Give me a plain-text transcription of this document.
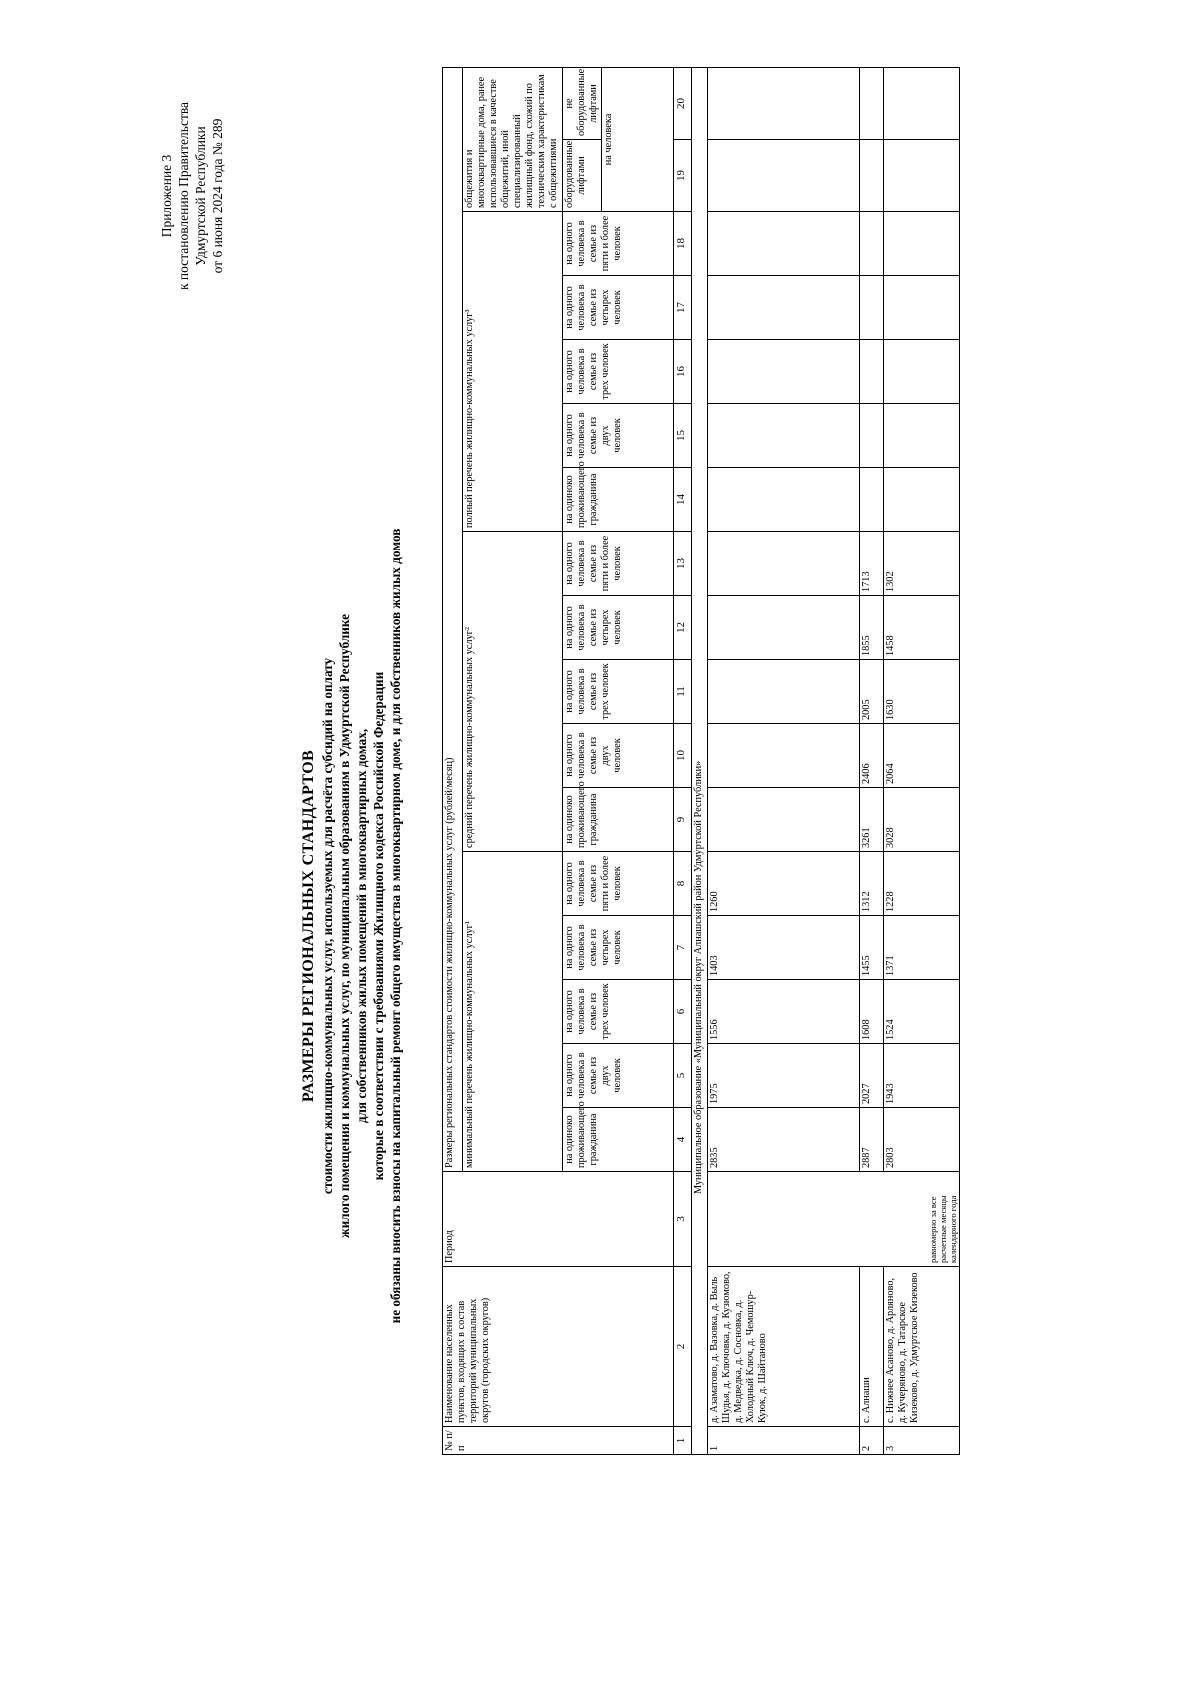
Приложение 3 к постановлению Правительства Удмуртской Республики от 6 июня 2024 года № 289
РАЗМЕРЫ РЕГИОНАЛЬНЫХ СТАНДАРТОВ стоимости жилищно-коммунальных услуг, используемых для расчёта субсидий на оплату жилого помещения и коммунальных услуг, по муниципальным образованиям в Удмуртской Республике для собственников жилых помещений в многоквартирных домах, которые в соответствии с требованиями Жилищного кодекса Российской Федерации не обязаны вносить взносы на капитальный ремонт общего имущества в многоквартирном доме, и для собственников жилых домов
№ п/п	Наименование населенных пунктов, входящих в состав территорий муниципальных округов (городских округов)	Период	Размеры региональных стандартов стоимости жилищно-коммунальных услуг (рублей/месяц)																
			минимальный перечень жилищно-коммунальных услуг¹					средний перечень жилищно-коммунальных услуг²					полный перечень жилищно-коммунальных услуг³					общежития и многоквартирные дома, ранее использовавшиеся в качестве общежитий, иной специализированный жилищный фонд, схожий по техническим характеристикам с общежитиями	
			на одиноко проживающего гражданина	на одного человека в семье из двух человек	на одного человека в семье из трех человек	на одного человека в семье из четырех человек	на одного человека в семье из пяти и более человек	на одиноко проживающего гражданина	на одного человека в семье из двух человек	на одного человека в семье из трех человек	на одного человека в семье из четырех человек	на одного человека в семье из пяти и более человек	на одиноко проживающего гражданина	на одного человека в семье из двух человек	на одного человека в семье из трех человек	на одного человека в семье из четырех человек	на одного человека в семье из пяти и более человек	оборудованные лифтами	не оборудованные лифтами
																		на человека	
1	2	3	4	5	6	7	8	9	10	11	12	13	14	15	16	17	18	19	20
Муниципальное образование «Муниципальный округ Алнашский район Удмуртской Республики»																			
1	д. Азаматово, д. Вазовка, д. Выль Шудья, д. Ключовка, д. Кузюмово, д. Медведка, д. Сосновка, д. Холодный Ключ, д. Чемошур-Куюк, д. Шайтаново	равномерно за все расчетные месяцы календарного года	2835	1975	1556	1403	1260												
2	с. Алнаши		2887	2027	1608	1455	1312	3261	2406	2005	1855	1713							
3	с. Нижнее Асаново, д. Арляново, д. Кучеряново, д. Татарское Кизеково, д. Удмуртское Кизеково		2803	1943	1524	1371	1228	3028	2064	1630	1458	1302							
